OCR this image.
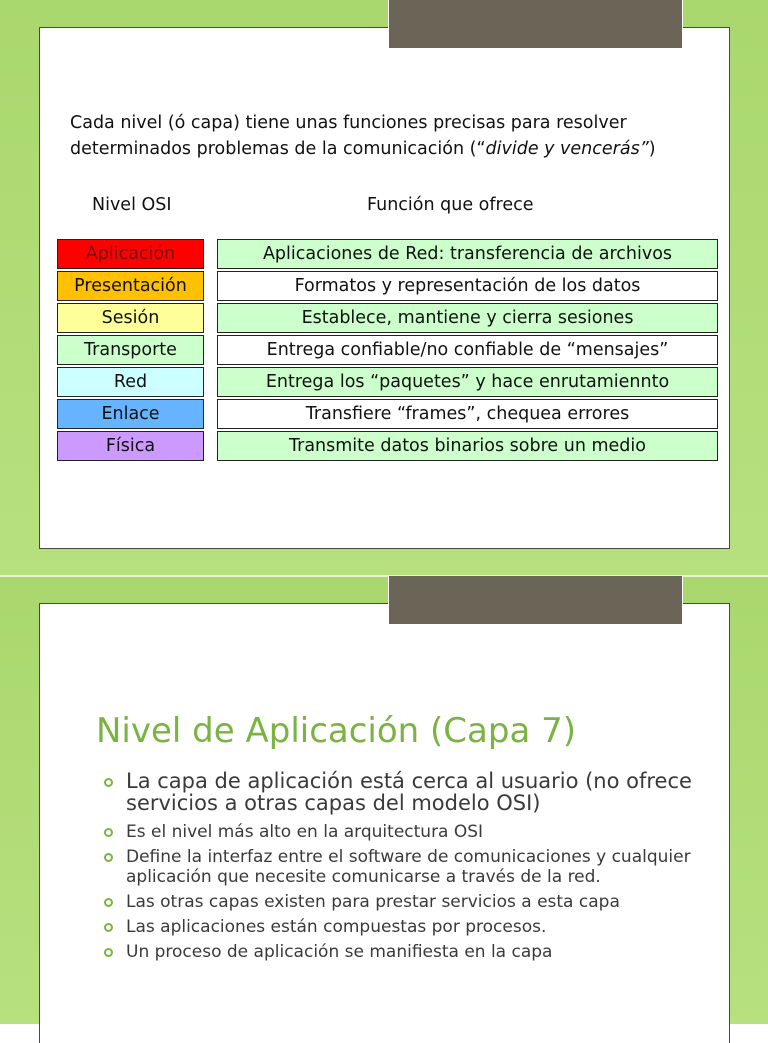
Cada nivel (ó capa) tiene unas funciones precisas para resolver
determinados problemas de la comunicación (“divide y vencerás”)
Nivel OSI	Función que ofrece
Aplicación	Aplicaciones de Red: transferencia de archivos
Presentación	Formatos y representación de los datos
Sesión	Establece, mantiene y cierra sesiones
Transporte	Entrega confiable/no confiable de “mensajes”
Red	Entrega los “paquetes” y hace enrutamiennto
Enlace	Transfiere “frames”, chequea errores
Física	Transmite datos binarios sobre un medio
Nivel de Aplicación (Capa 7)
La capa de aplicación está cerca al usuario (no ofrece servicios a otras capas del modelo OSI)
Es el nivel más alto en la arquitectura OSI
Define la interfaz entre el software de comunicaciones y cualquier aplicación que necesite comunicarse a través de la red.
Las otras capas existen para prestar servicios a esta capa
Las aplicaciones están compuestas por procesos.
Un proceso de aplicación se manifiesta en la capa
